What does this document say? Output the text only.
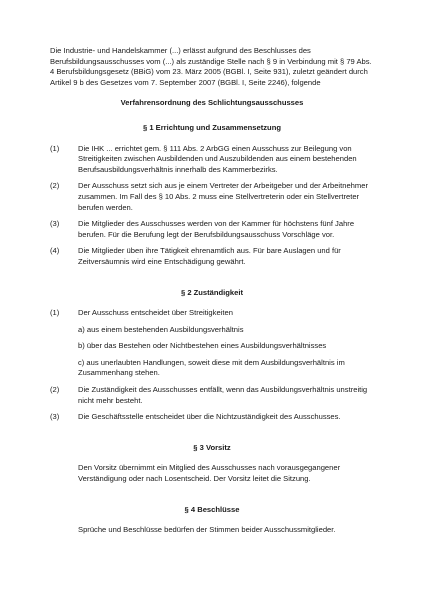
Die Industrie- und Handelskammer (...) erlässt aufgrund des Beschlusses des Berufsbildungsausschusses vom (...) als zuständige Stelle nach § 9 in Verbindung mit § 79 Abs. 4 Berufsbildungsgesetz (BBiG) vom 23. März 2005 (BGBl. I, Seite 931), zuletzt geändert durch Artikel 9 b des Gesetzes vom 7. September 2007 (BGBl. I, Seite 2246), folgende

Verfahrensordnung des Schlichtungsausschusses
§ 1 Errichtung und Zusammensetzung
(1) Die IHK ... errichtet gem. § 111 Abs. 2 ArbGG einen Ausschuss zur Beilegung von Streitigkeiten zwischen Ausbildenden und Auszubildenden aus einem bestehenden Berufsausbildungsverhältnis innerhalb des Kammerbezirks.
(2) Der Ausschuss setzt sich aus je einem Vertreter der Arbeitgeber und der Arbeitnehmer zusammen. Im Fall des § 10 Abs. 2 muss eine Stellvertreterin oder ein Stellvertreter berufen werden.
(3) Die Mitglieder des Ausschusses werden von der Kammer für höchstens fünf Jahre berufen. Für die Berufung legt der Berufsbildungsausschuss Vorschläge vor.
(4) Die Mitglieder üben ihre Tätigkeit ehrenamtlich aus. Für bare Auslagen und für Zeitversäumnis wird eine Entschädigung gewährt.
§ 2 Zuständigkeit
(1) Der Ausschuss entscheidet über Streitigkeiten
a) aus einem bestehenden Ausbildungsverhältnis
b) über das Bestehen oder Nichtbestehen eines Ausbildungsverhältnisses
c) aus unerlaubten Handlungen, soweit diese mit dem Ausbildungsverhältnis im Zusammenhang stehen.
(2) Die Zuständigkeit des Ausschusses entfällt, wenn das Ausbildungsverhältnis unstreitig nicht mehr besteht.
(3) Die Geschäftsstelle entscheidet über die Nichtzuständigkeit des Ausschusses.
§ 3 Vorsitz
Den Vorsitz übernimmt ein Mitglied des Ausschusses nach vorausgegangener Verständigung oder nach Losentscheid. Der Vorsitz leitet die Sitzung.
§ 4 Beschlüsse
Sprüche und Beschlüsse bedürfen der Stimmen beider Ausschussmitglieder.
